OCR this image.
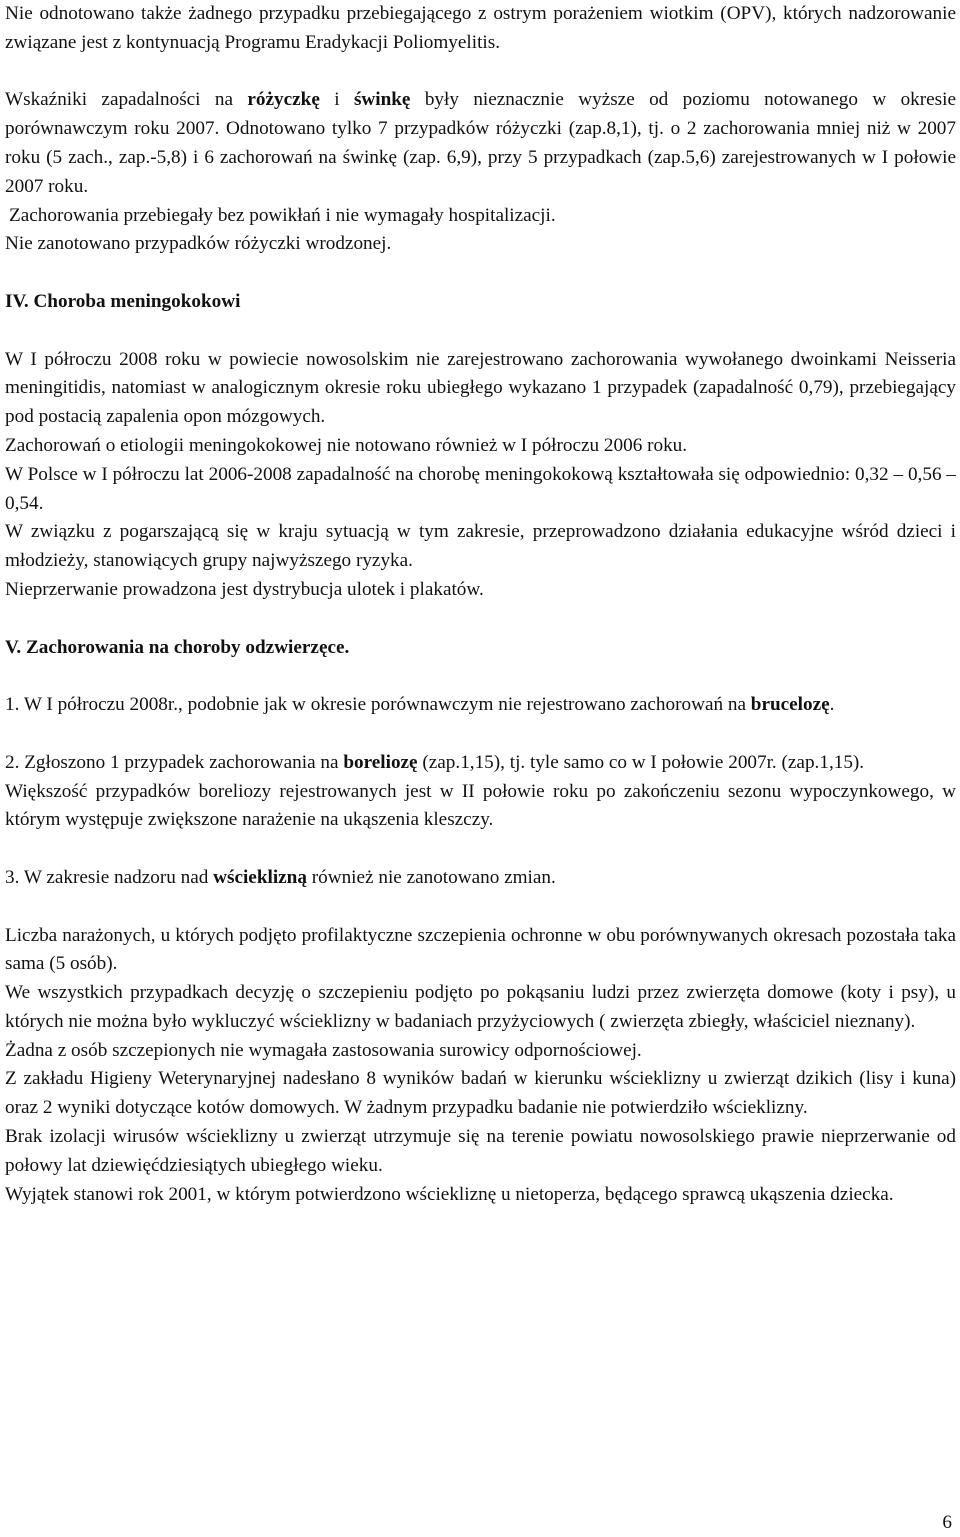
Nie odnotowano także żadnego przypadku przebiegającego z ostrym porażeniem wiotkim (OPV), których nadzorowanie związane jest z kontynuacją Programu Eradykacji Poliomyelitis.

Wskaźniki zapadalności na różyczkę i świnkę były nieznacznie wyższe od poziomu notowanego w okresie porównawczym roku 2007. Odnotowano tylko 7 przypadków różyczki (zap.8,1), tj. o 2 zachorowania mniej niż w 2007 roku (5 zach., zap.-5,8) i 6 zachorowań na świnkę (zap. 6,9), przy 5 przypadkach (zap.5,6) zarejestrowanych w I połowie 2007 roku.

Zachorowania przebiegały bez powikłań i nie wymagały hospitalizacji.

Nie zanotowano przypadków różyczki wrodzonej.

IV. Choroba meningokokowi

W I półroczu 2008 roku w powiecie nowosolskim nie zarejestrowano zachorowania wywołanego dwoinkami Neisseria meningitidis, natomiast w analogicznym okresie roku ubiegłego wykazano 1 przypadek (zapadalność 0,79), przebiegający pod postacią zapalenia opon mózgowych.

Zachorowań o etiologii meningokokowej nie notowano również w I półroczu 2006 roku.

W Polsce w I półroczu lat 2006-2008 zapadalność na chorobę meningokokową kształtowała się odpowiednio: 0,32 – 0,56 – 0,54.

W związku z pogarszającą się w kraju sytuacją w tym zakresie, przeprowadzono działania edukacyjne wśród dzieci i młodzieży, stanowiących grupy najwyższego ryzyka.

Nieprzerwanie prowadzona jest dystrybucja ulotek i plakatów.

V. Zachorowania na choroby odzwierzęce.

1. W I półroczu 2008r., podobnie jak w okresie porównawczym nie rejestrowano zachorowań na brucelozę.

2. Zgłoszono 1 przypadek zachorowania na boreliozę (zap.1,15), tj. tyle samo co w I połowie 2007r. (zap.1,15).

Większość przypadków boreliozy rejestrowanych jest w II połowie roku po zakończeniu sezonu wypoczynkowego, w którym występuje zwiększone narażenie na ukąszenia kleszczy.

3. W zakresie nadzoru nad wścieklizną również nie zanotowano zmian.

Liczba narażonych, u których podjęto profilaktyczne szczepienia ochronne w obu porównywanych okresach pozostała taka sama (5 osób).

We wszystkich przypadkach decyzję o szczepieniu podjęto po pokąsaniu ludzi przez zwierzęta domowe (koty i psy), u których nie można było wykluczyć wścieklizny w badaniach przyżyciowych ( zwierzęta zbiegły, właściciel nieznany).

Żadna z osób szczepionych nie wymagała zastosowania surowicy odpornościowej.

Z zakładu Higieny Weterynaryjnej nadesłano 8 wyników badań w kierunku wścieklizny u zwierząt dzikich (lisy i kuna) oraz 2 wyniki dotyczące kotów domowych. W żadnym przypadku badanie nie potwierdziło wścieklizny.

Brak izolacji wirusów wścieklizny u zwierząt utrzymuje się na terenie powiatu nowosolskiego prawie nieprzerwanie od połowy lat dziewięćdziesiątych ubiegłego wieku.

Wyjątek stanowi rok 2001, w którym potwierdzono wściekliznę u nietoperza, będącego sprawcą ukąszenia dziecka.

6
